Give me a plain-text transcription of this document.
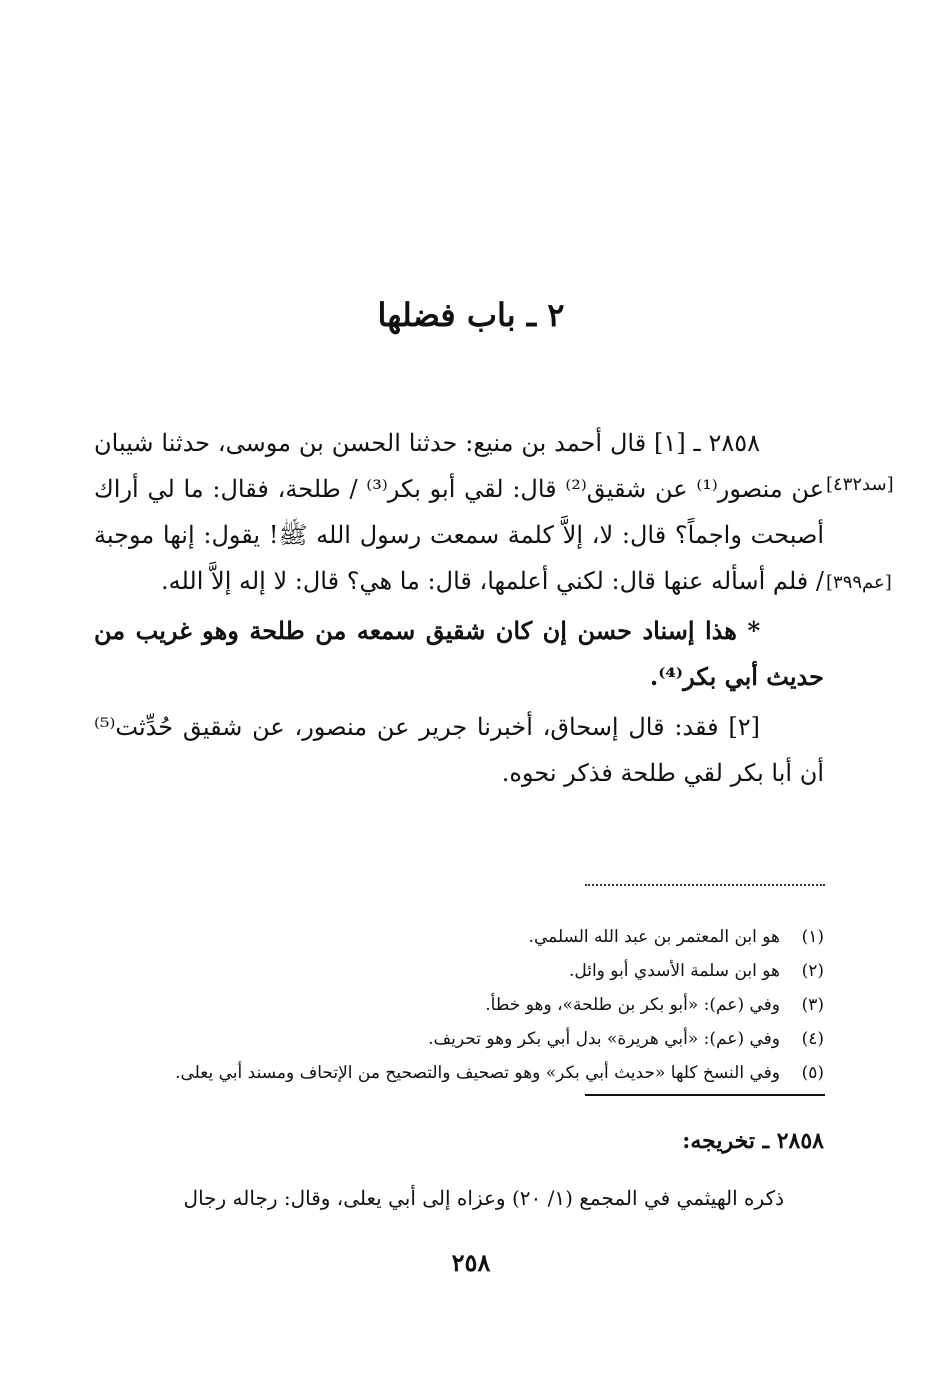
٢ ـ باب فضلها
[سد٤٣٢]
[عم٣٩٩]

٢٨٥٨ ـ [١] قال أحمد بن منيع: حدثنا الحسن بن موسى، حدثنا شيبان عن منصور⁽¹⁾ عن شقيق⁽²⁾ قال: لقي أبو بكر⁽³⁾ / طلحة، فقال: ما لي أراك أصبحت واجماً؟ قال: لا، إلاَّ كلمة سمعت رسول الله ﷺ! يقول: إنها موجبة / فلم أسأله عنها قال: لكني أعلمها، قال: ما هي؟ قال: لا إله إلاَّ الله.

* هذا إسناد حسن إن كان شقيق سمعه من طلحة وهو غريب من حديث أبي بكر⁽⁴⁾.

[٢] فقد: قال إسحاق، أخبرنا جرير عن منصور، عن شقيق حُدِّثت⁽⁵⁾ أن أبا بكر لقي طلحة فذكر نحوه.

(١)
هو ابن المعتمر بن عبد الله السلمي.
(٢)
هو ابن سلمة الأسدي أبو وائل.
(٣)
وفي (عم): «أبو بكر بن طلحة»، وهو خطأ.
(٤)
وفي (عم): «أبي هريرة» بدل أبي بكر وهو تحريف.
(٥)
وفي النسخ كلها «حديث أبي بكر» وهو تصحيف والتصحيح من الإتحاف ومسند أبي يعلى.
٢٨٥٨ ـ تخريجه:
ذكره الهيثمي في المجمع (١/ ٢٠) وعزاه إلى أبي يعلى، وقال: رجاله رجال
٢٥٨
